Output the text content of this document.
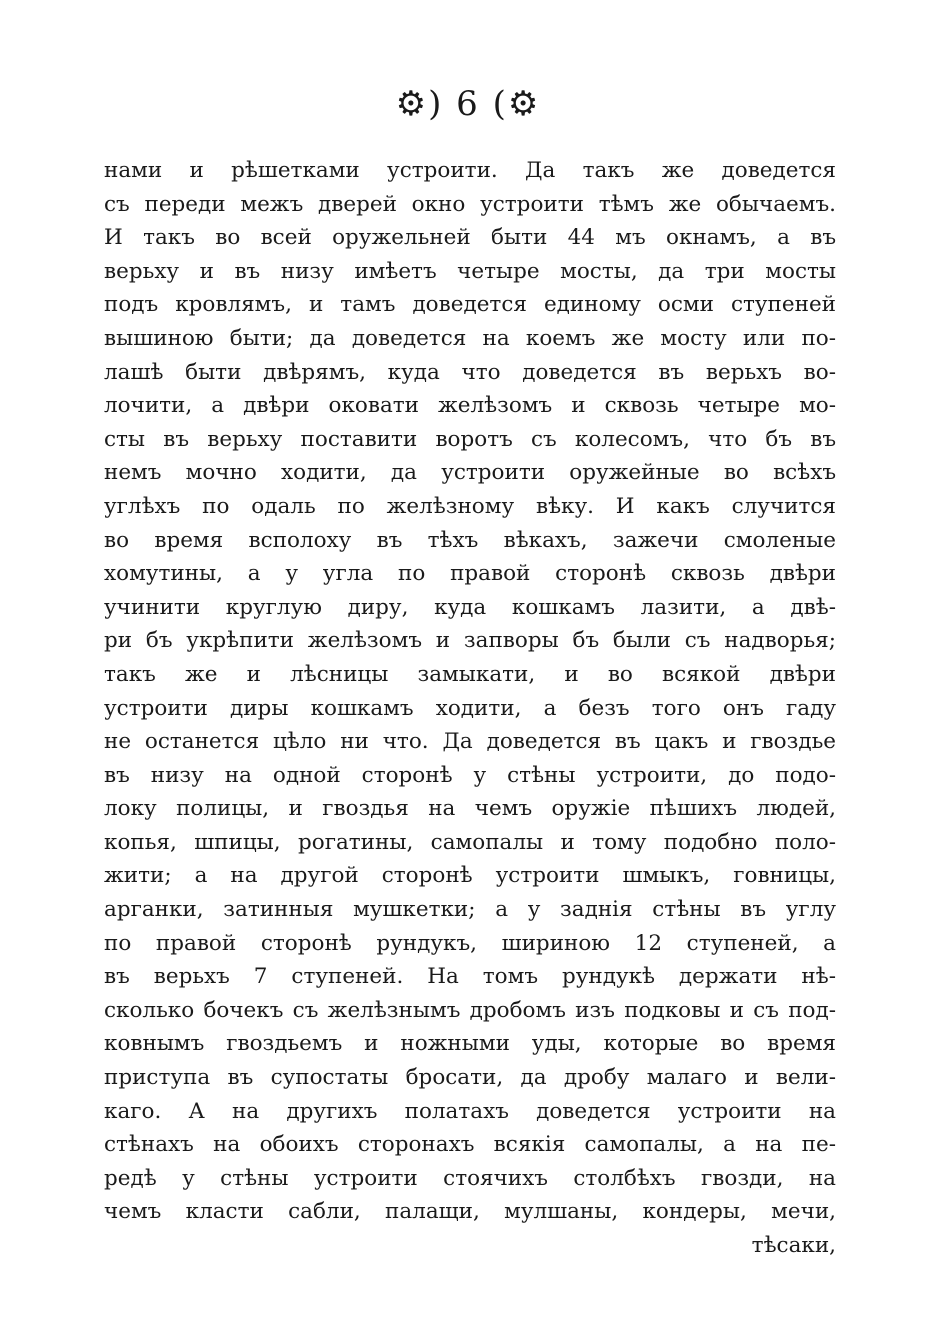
⚙) 6 (⚙
нами и рѣшетками устроити. Да такъ же доведется
съ переди межъ дверей окно устроити тѣмъ же обычаемъ.
И такъ во всей оружельней быти 44 мъ окнамъ, а въ
верьху и въ низу имѣетъ четыре мосты, да три мосты
подъ кровлямъ, и тамъ доведется единому осми ступеней
вышиною быти; да доведется на коемъ же мосту или по-
лашѣ быти двѣрямъ, куда что доведется въ верьхъ во-
лочити, а двѣри оковати желѣзомъ и сквозь четыре мо-
сты въ верьху поставити воротъ съ колесомъ, что бъ въ
немъ мочно ходити, да устроити оружейные во всѣхъ
углѣхъ по одаль по желѣзному вѣку. И какъ случится
во время всполоху въ тѣхъ вѣкахъ, зажечи смоленые
хомутины, а у угла по правой сторонѣ сквозь двѣри
учинити круглую диру, куда кошкамъ лазити, а двѣ-
ри бъ укрѣпити желѣзомъ и запворы бъ были съ надворья;
такъ же и лѣсницы замыкати, и во всякой двѣри
устроити диры кошкамъ ходити, а безъ того онъ гаду
не останется цѣло ни что. Да доведется въ цакъ и гвоздье
въ низу на одной сторонѣ у стѣны устроити, до подо-
локу полицы, и гвоздья на чемъ оружіе пѣшихъ людей,
копья, шпицы, рогатины, самопалы и тому подобно поло-
жити; а на другой сторонѣ устроити шмыкъ, говницы,
арганки, затинныя мушкетки; а у заднія стѣны въ углу
по правой сторонѣ рундукъ, шириною 12 ступеней, а
въ верьхъ 7 ступеней. На томъ рундукѣ держати нѣ-
сколько бочекъ съ желѣзнымъ дробомъ изъ подковы и съ под-
ковнымъ гвоздьемъ и ножными уды, которые во время
приступа въ супостаты бросати, да дробу малаго и вели-
каго. А на другихъ полатахъ доведется устроити на
стѣнахъ на обоихъ сторонахъ всякія самопалы, а на пе-
редѣ у стѣны устроити стоячихъ столбѣхъ гвозди, на
чемъ класти сабли, палащи, мулшаны, кондеры, мечи,
тѣсаки,
